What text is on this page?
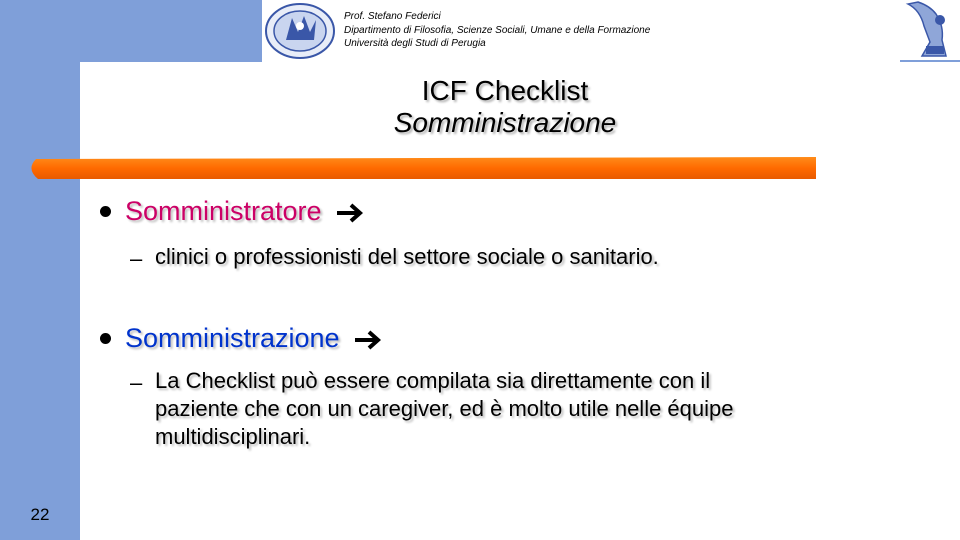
Prof. Stefano Federici
Dipartimento di Filosofia, Scienze Sociali, Umane e della Formazione
Università degli Studi di Perugia
ICF Checklist
Somministrazione
Somministratore
– clinici o professionisti del settore sociale o sanitario.
Somministrazione
– La Checklist può essere compilata sia direttamente con il
paziente che con un caregiver, ed è molto utile nelle équipe
multidisciplinari.
22
